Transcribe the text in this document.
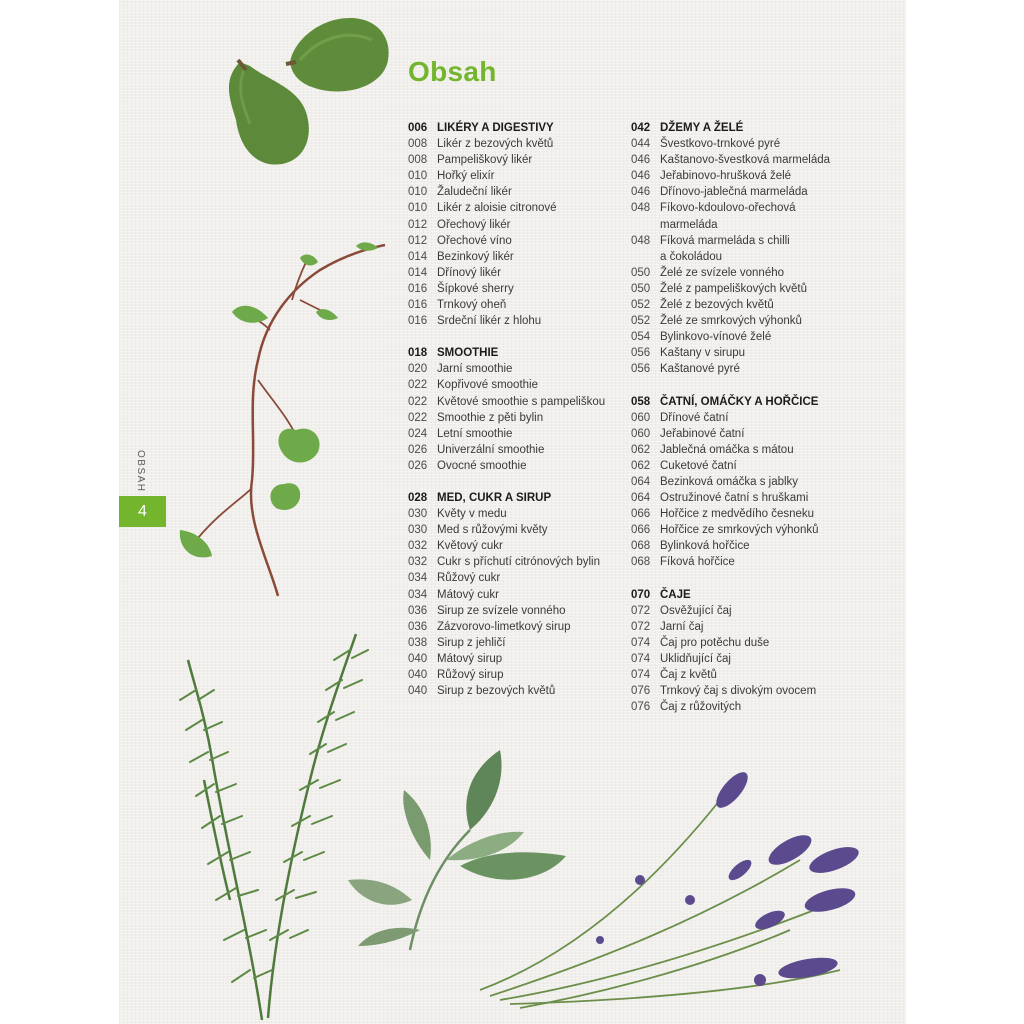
Obsah
OBSAH
4
006 LIKÉRY A DIGESTIVY
008 Likér z bezových květů
008 Pampeliškový likér
010 Hořký elixír
010 Žaludeční likér
010 Likér z aloisie citronové
012 Ořechový likér
012 Ořechové víno
014 Bezinkový likér
014 Dřínový likér
016 Šípkové sherry
016 Trnkový oheň
016 Srdeční likér z hlohu
018 SMOOTHIE
020 Jarní smoothie
022 Kopřivové smoothie
022 Květové smoothie s pampeliškou
022 Smoothie z pěti bylin
024 Letní smoothie
026 Univerzální smoothie
026 Ovocné smoothie
028 MED, CUKR A SIRUP
030 Květy v medu
030 Med s růžovými květy
032 Květový cukr
032 Cukr s příchutí citrónových bylin
034 Růžový cukr
034 Mátový cukr
036 Sirup ze svízele vonného
036 Zázvorovo-limetkový sirup
038 Sirup z jehličí
040 Mátový sirup
040 Růžový sirup
040 Sirup z bezových květů
042 DŽEMY A ŽELÉ
044 Švestkovo-trnkové pyré
046 Kaštanovo-švestková marmeláda
046 Jeřabinovo-hrušková želé
046 Dřínovo-jablečná marmeláda
048 Fíkovo-kdoulovo-ořechová
marmeláda
048 Fíková marmeláda s chilli
a čokoládou
050 Želé ze svízele vonného
050 Želé z pampeliškových květů
052 Želé z bezových květů
052 Želé ze smrkových výhonků
054 Bylinkovo-vínové želé
056 Kaštany v sirupu
056 Kaštanové pyré
058 ČATNÍ, OMÁČKY A HOŘČICE
060 Dřínové čatní
060 Jeřabinové čatní
062 Jablečná omáčka s mátou
062 Cuketové čatní
064 Bezinková omáčka s jablky
064 Ostružinové čatní s hruškami
066 Hořčice z medvědího česneku
066 Hořčice ze smrkových výhonků
068 Bylinková hořčice
068 Fíková hořčice
070 ČAJE
072 Osvěžující čaj
072 Jarní čaj
074 Čaj pro potěchu duše
074 Uklidňující čaj
074 Čaj z květů
076 Trnkový čaj s divokým ovocem
076 Čaj z růžovitých
